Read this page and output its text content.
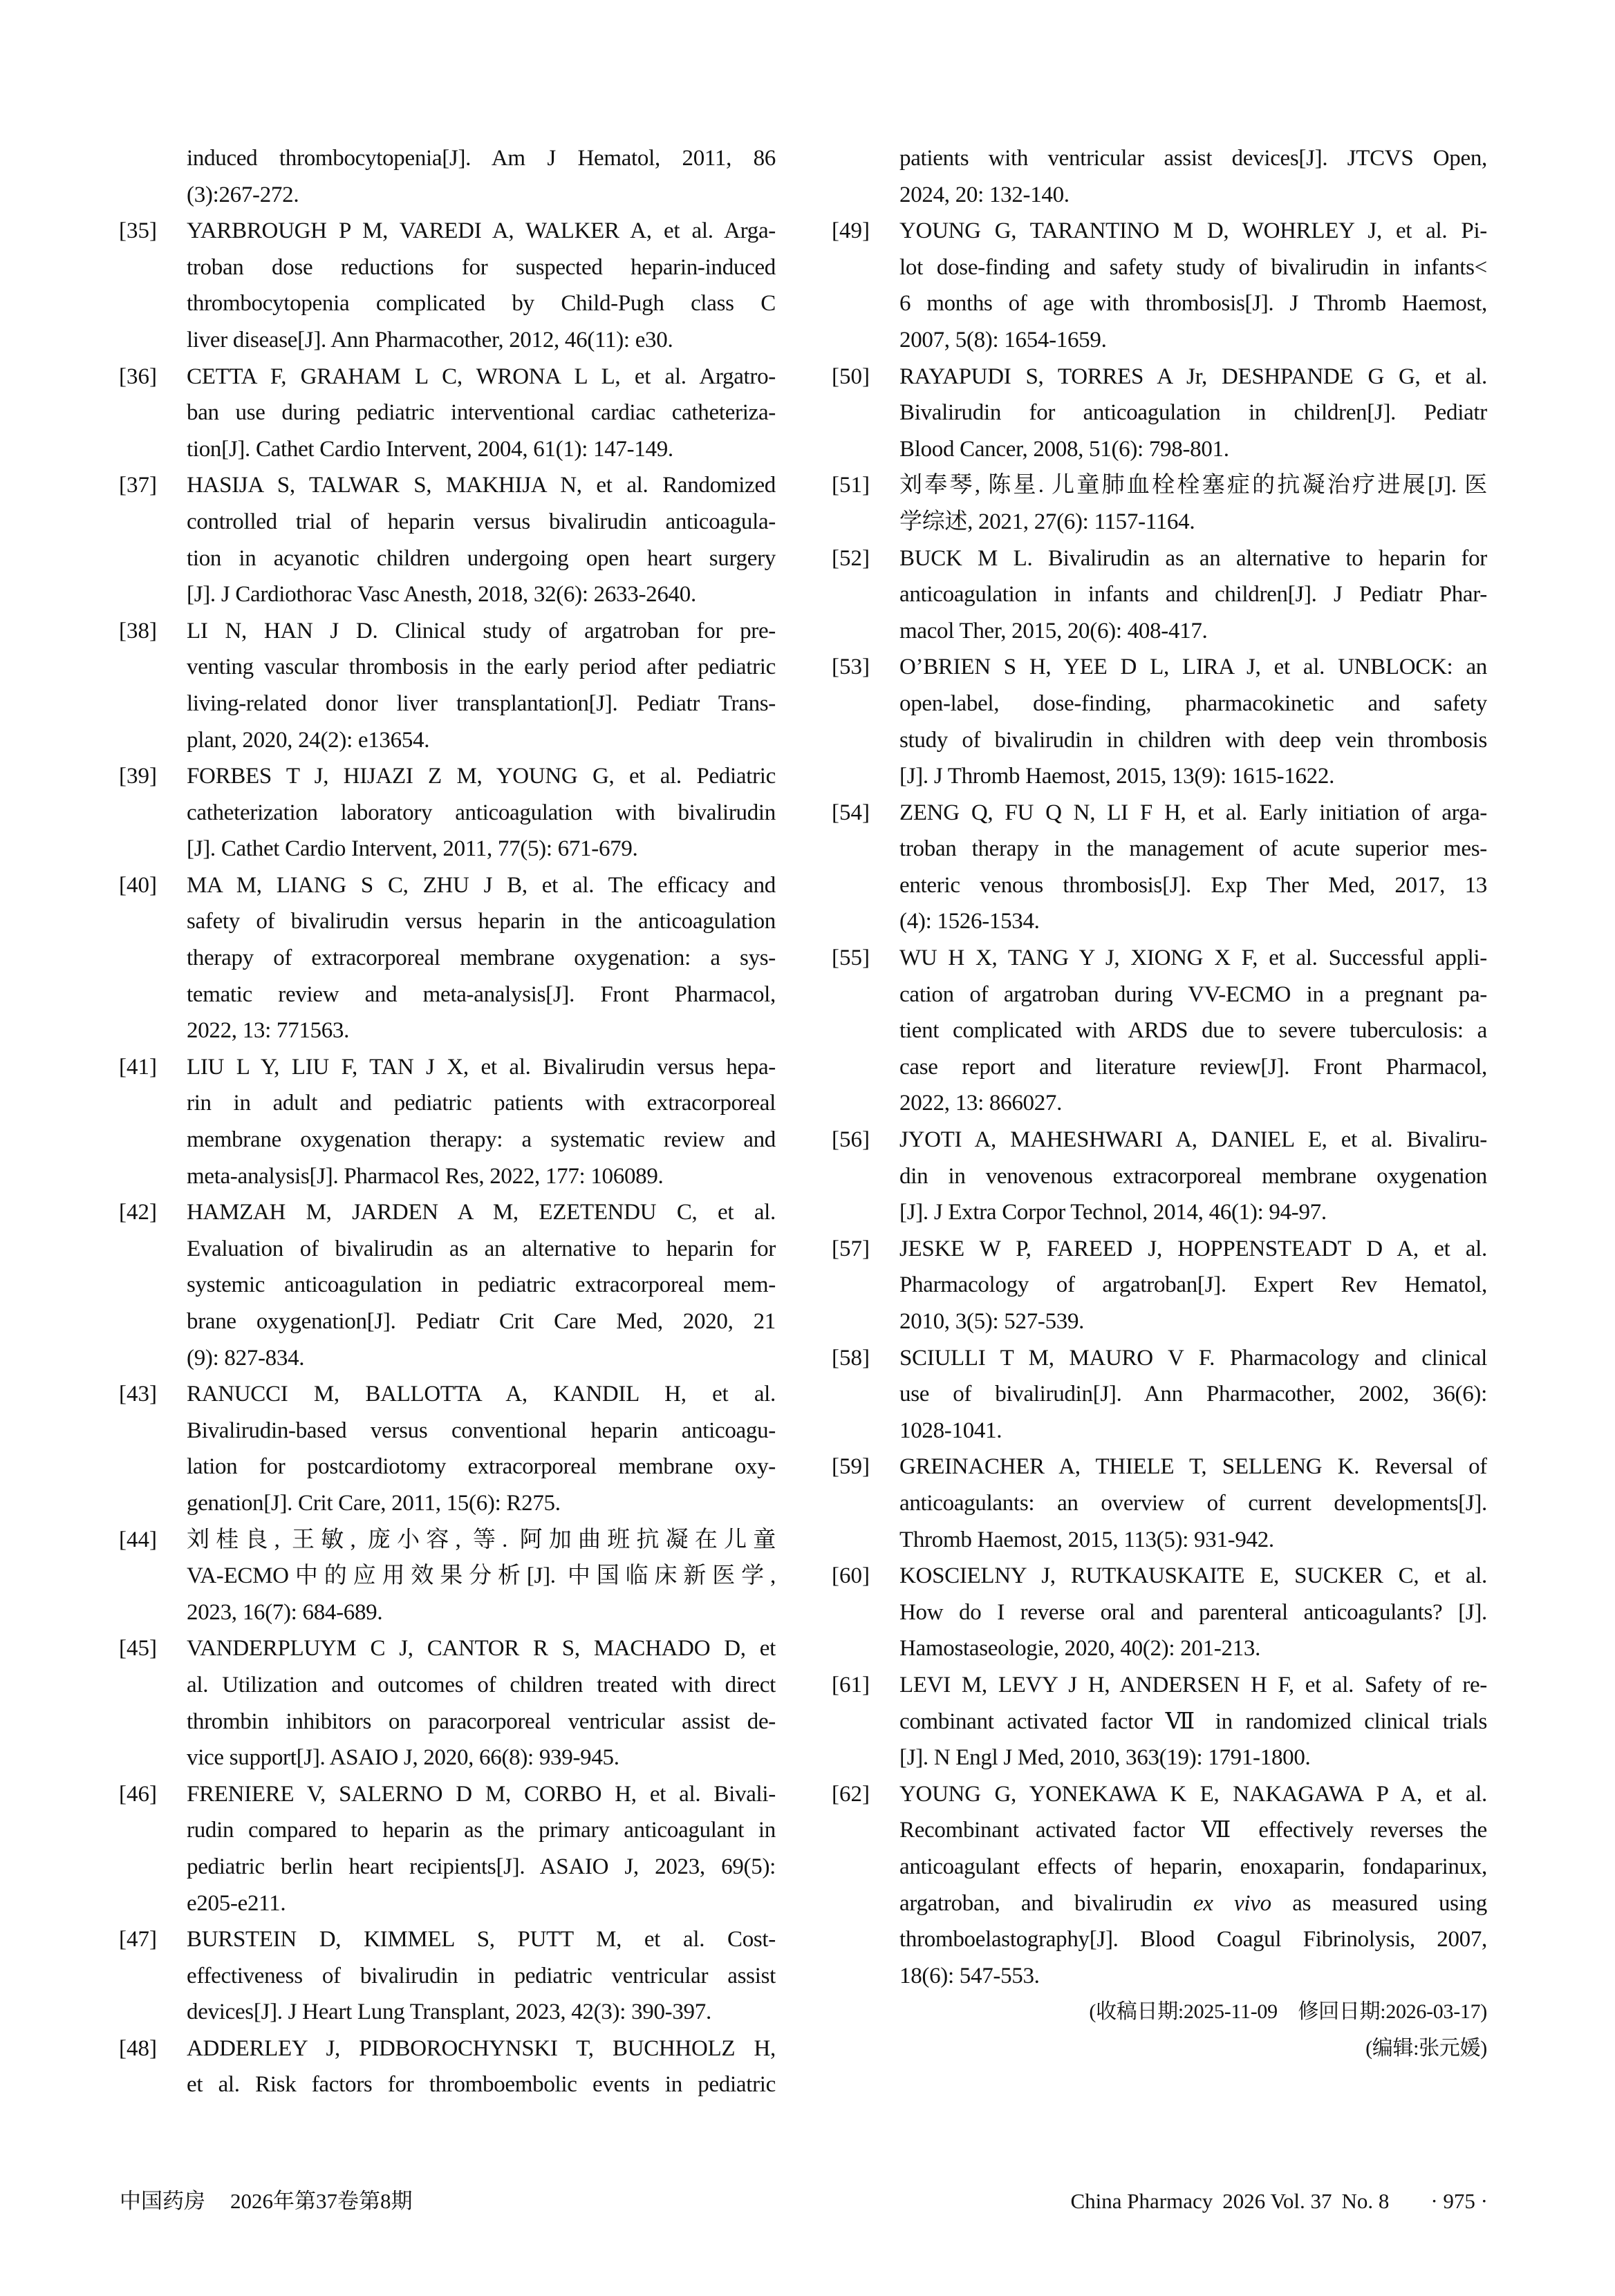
induced thrombocytopenia[J]. Am J Hematol, 2011, 86
(3):267-272.
[35] YARBROUGH P M, VAREDI A, WALKER A, et al. Arga-
troban dose reductions for suspected heparin-induced
thrombocytopenia complicated by Child-Pugh class C
liver disease[J]. Ann Pharmacother, 2012, 46(11): e30.
[36] CETTA F, GRAHAM L C, WRONA L L, et al. Argatro-
ban use during pediatric interventional cardiac catheteriza-
tion[J]. Cathet Cardio Intervent, 2004, 61(1): 147-149.
[37] HASIJA S, TALWAR S, MAKHIJA N, et al. Randomized
controlled trial of heparin versus bivalirudin anticoagula-
tion in acyanotic children undergoing open heart surgery
[J]. J Cardiothorac Vasc Anesth, 2018, 32(6): 2633-2640.
[38] LI N, HAN J D. Clinical study of argatroban for pre-
venting vascular thrombosis in the early period after pediatric
living-related donor liver transplantation[J]. Pediatr Trans-
plant, 2020, 24(2): e13654.
[39] FORBES T J, HIJAZI Z M, YOUNG G, et al. Pediatric
catheterization laboratory anticoagulation with bivalirudin
[J]. Cathet Cardio Intervent, 2011, 77(5): 671-679.
[40] MA M, LIANG S C, ZHU J B, et al. The efficacy and
safety of bivalirudin versus heparin in the anticoagulation
therapy of extracorporeal membrane oxygenation: a sys-
tematic review and meta-analysis[J]. Front Pharmacol,
2022, 13: 771563.
[41] LIU L Y, LIU F, TAN J X, et al. Bivalirudin versus hepa-
rin in adult and pediatric patients with extracorporeal
membrane oxygenation therapy: a systematic review and
meta-analysis[J]. Pharmacol Res, 2022, 177: 106089.
[42] HAMZAH M, JARDEN A M, EZETENDU C, et al.
Evaluation of bivalirudin as an alternative to heparin for
systemic anticoagulation in pediatric extracorporeal mem-
brane oxygenation[J]. Pediatr Crit Care Med, 2020, 21
(9): 827-834.
[43] RANUCCI M, BALLOTTA A, KANDIL H, et al.
Bivalirudin-based versus conventional heparin anticoagu-
lation for postcardiotomy extracorporeal membrane oxy-
genation[J]. Crit Care, 2011, 15(6): R275.
[44] 刘桂良, 王敏, 庞小容, 等. 阿加曲班抗凝在儿童
VA-ECMO中的应用效果分析[J]. 中国临床新医学,
2023, 16(7): 684-689.
[45] VANDERPLUYM C J, CANTOR R S, MACHADO D, et
al. Utilization and outcomes of children treated with direct
thrombin inhibitors on paracorporeal ventricular assist de-
vice support[J]. ASAIO J, 2020, 66(8): 939-945.
[46] FRENIERE V, SALERNO D M, CORBO H, et al. Bivali-
rudin compared to heparin as the primary anticoagulant in
pediatric berlin heart recipients[J]. ASAIO J, 2023, 69(5):
e205-e211.
[47] BURSTEIN D, KIMMEL S, PUTT M, et al. Cost-
effectiveness of bivalirudin in pediatric ventricular assist
devices[J]. J Heart Lung Transplant, 2023, 42(3): 390-397.
[48] ADDERLEY J, PIDBOROCHYNSKI T, BUCHHOLZ H,
et al. Risk factors for thromboembolic events in pediatric
patients with ventricular assist devices[J]. JTCVS Open,
2024, 20: 132-140.
[49] YOUNG G, TARANTINO M D, WOHRLEY J, et al. Pi-
lot dose-finding and safety study of bivalirudin in infants<
6 months of age with thrombosis[J]. J Thromb Haemost,
2007, 5(8): 1654-1659.
[50] RAYAPUDI S, TORRES A Jr, DESHPANDE G G, et al.
Bivalirudin for anticoagulation in children[J]. Pediatr
Blood Cancer, 2008, 51(6): 798-801.
[51] 刘奉琴, 陈星. 儿童肺血栓栓塞症的抗凝治疗进展[J]. 医
学综述, 2021, 27(6): 1157-1164.
[52] BUCK M L. Bivalirudin as an alternative to heparin for
anticoagulation in infants and children[J]. J Pediatr Phar-
macol Ther, 2015, 20(6): 408-417.
[53] O’BRIEN S H, YEE D L, LIRA J, et al. UNBLOCK: an
open-label, dose-finding, pharmacokinetic and safety
study of bivalirudin in children with deep vein thrombosis
[J]. J Thromb Haemost, 2015, 13(9): 1615-1622.
[54] ZENG Q, FU Q N, LI F H, et al. Early initiation of arga-
troban therapy in the management of acute superior mes-
enteric venous thrombosis[J]. Exp Ther Med, 2017, 13
(4): 1526-1534.
[55] WU H X, TANG Y J, XIONG X F, et al. Successful appli-
cation of argatroban during VV-ECMO in a pregnant pa-
tient complicated with ARDS due to severe tuberculosis: a
case report and literature review[J]. Front Pharmacol,
2022, 13: 866027.
[56] JYOTI A, MAHESHWARI A, DANIEL E, et al. Bivaliru-
din in venovenous extracorporeal membrane oxygenation
[J]. J Extra Corpor Technol, 2014, 46(1): 94-97.
[57] JESKE W P, FAREED J, HOPPENSTEADT D A, et al.
Pharmacology of argatroban[J]. Expert Rev Hematol,
2010, 3(5): 527-539.
[58] SCIULLI T M, MAURO V F. Pharmacology and clinical
use of bivalirudin[J]. Ann Pharmacother, 2002, 36(6):
1028-1041.
[59] GREINACHER A, THIELE T, SELLENG K. Reversal of
anticoagulants: an overview of current developments[J].
Thromb Haemost, 2015, 113(5): 931-942.
[60] KOSCIELNY J, RUTKAUSKAITE E, SUCKER C, et al.
How do I reverse oral and parenteral anticoagulants? [J].
Hamostaseologie, 2020, 40(2): 201-213.
[61] LEVI M, LEVY J H, ANDERSEN H F, et al. Safety of re-
combinant activated factor Ⅶ in randomized clinical trials
[J]. N Engl J Med, 2010, 363(19): 1791-1800.
[62] YOUNG G, YONEKAWA K E, NAKAGAWA P A, et al.
Recombinant activated factor Ⅶ effectively reverses the
anticoagulant effects of heparin, enoxaparin, fondaparinux,
argatroban, and bivalirudin ex vivo as measured using
thromboelastography[J]. Blood Coagul Fibrinolysis, 2007,
18(6): 547-553.
(收稿日期:2025-11-09　修回日期:2026-03-17)
(编辑:张元媛)
中国药房 2026年第37卷第8期	China Pharmacy 2026 Vol. 37 No. 8 · 975 ·
